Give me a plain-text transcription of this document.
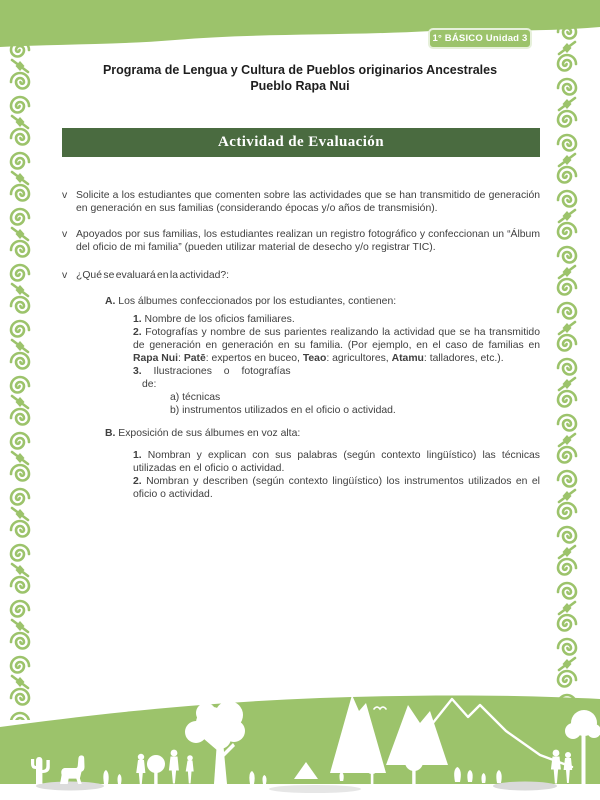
1° BÁSICO Unidad 3
Programa de Lengua y Cultura de Pueblos originarios Ancestrales
Pueblo Rapa Nui
Actividad de Evaluación
v Solicite a los estudiantes que comenten sobre las actividades que se han transmitido de generación en generación en sus familias (considerando épocas y/o años de transmisión).
v Apoyados por sus familias, los estudiantes realizan un registro fotográfico y confeccionan un “Álbum del oficio de mi familia” (pueden utilizar material de desecho y/o registrar TIC).
v ¿Qué se evaluará en la actividad?:

A. Los álbumes confeccionados por los estudiantes, contienen:

1. Nombre de los oficios familiares.

2. Fotografías y nombre de sus parientes realizando la actividad que se ha transmitido de generación en generación en su familia. (Por ejemplo, en el caso de familias en Rapa Nui: Patē: expertos en buceo, Teao: agricultores, Atamu: talladores, etc.).

3. Ilustraciones o fotografías

de:

a) técnicas

b) instrumentos utilizados en el oficio o actividad.

B. Exposición de sus álbumes en voz alta:

1. Nombran y explican con sus palabras (según contexto lingüístico) las técnicas utilizadas en el oficio o actividad.

2. Nombran y describen (según contexto lingüístico) los instrumentos utilizados en el oficio o actividad.
